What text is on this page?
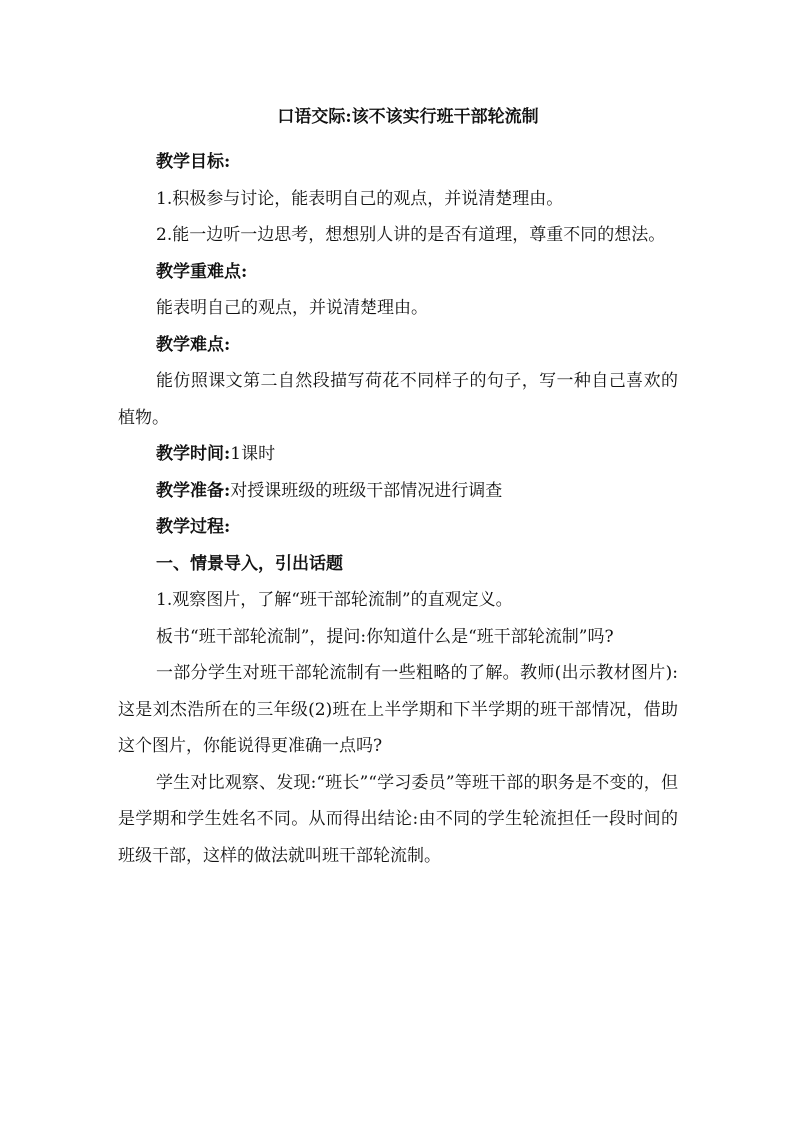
口语交际:该不该实行班干部轮流制

教学目标:

1.积极参与讨论，能表明自己的观点，并说清楚理由。

2.能一边听一边思考，想想别人讲的是否有道理，尊重不同的想法。

教学重难点:

能表明自己的观点，并说清楚理由。

教学难点:

能仿照课文第二自然段描写荷花不同样子的句子，写一种自己喜欢的植物。

教学时间:1课时

教学准备:对授课班级的班级干部情况进行调查

教学过程:

一、情景导入，引出话题

1.观察图片，了解“班干部轮流制”的直观定义。

板书“班干部轮流制”，提问:你知道什么是“班干部轮流制”吗?

一部分学生对班干部轮流制有一些粗略的了解。教师(出示教材图片):这是刘杰浩所在的三年级(2)班在上半学期和下半学期的班干部情况，借助这个图片，你能说得更准确一点吗?

学生对比观察、发现:“班长”“学习委员”等班干部的职务是不变的，但是学期和学生姓名不同。从而得出结论:由不同的学生轮流担任一段时间的班级干部，这样的做法就叫班干部轮流制。
